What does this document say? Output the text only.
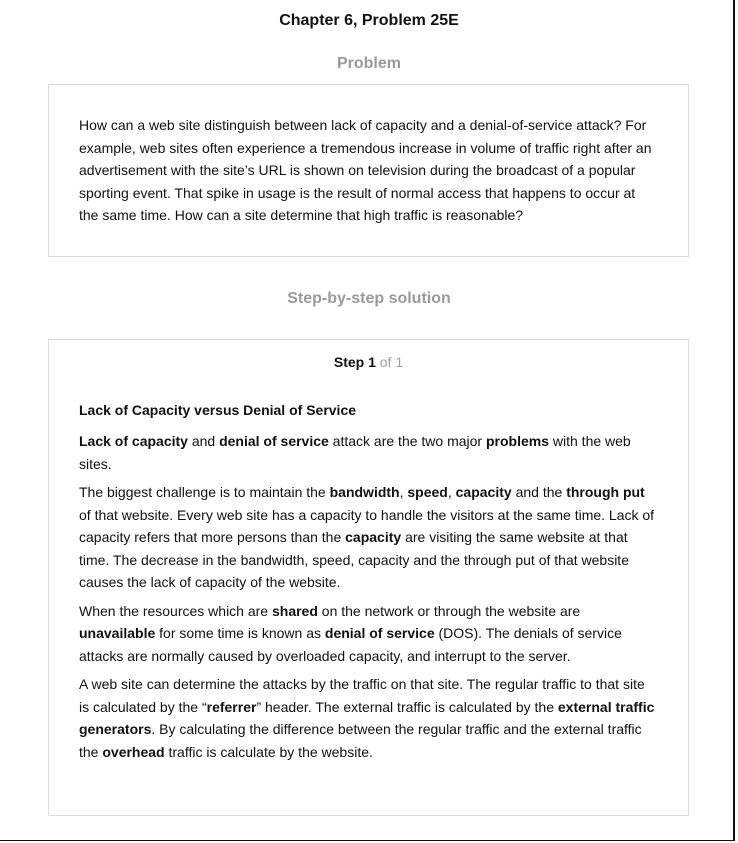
Chapter 6, Problem 25E
Problem

How can a web site distinguish between lack of capacity and a denial-of-service attack? For example, web sites often experience a tremendous increase in volume of traffic right after an advertisement with the site’s URL is shown on television during the broadcast of a popular sporting event. That spike in usage is the result of normal access that happens to occur at the same time. How can a site determine that high traffic is reasonable?

Step-by-step solution

Step 1 of 1

Lack of Capacity versus Denial of Service

Lack of capacity and denial of service attack are the two major problems with the web sites.

The biggest challenge is to maintain the bandwidth, speed, capacity and the through put of that website. Every web site has a capacity to handle the visitors at the same time. Lack of capacity refers that more persons than the capacity are visiting the same website at that time. The decrease in the bandwidth, speed, capacity and the through put of that website causes the lack of capacity of the website.

When the resources which are shared on the network or through the website are unavailable for some time is known as denial of service (DOS). The denials of service attacks are normally caused by overloaded capacity, and interrupt to the server.

A web site can determine the attacks by the traffic on that site. The regular traffic to that site is calculated by the “referrer” header. The external traffic is calculated by the external traffic generators. By calculating the difference between the regular traffic and the external traffic the overhead traffic is calculate by the website.
